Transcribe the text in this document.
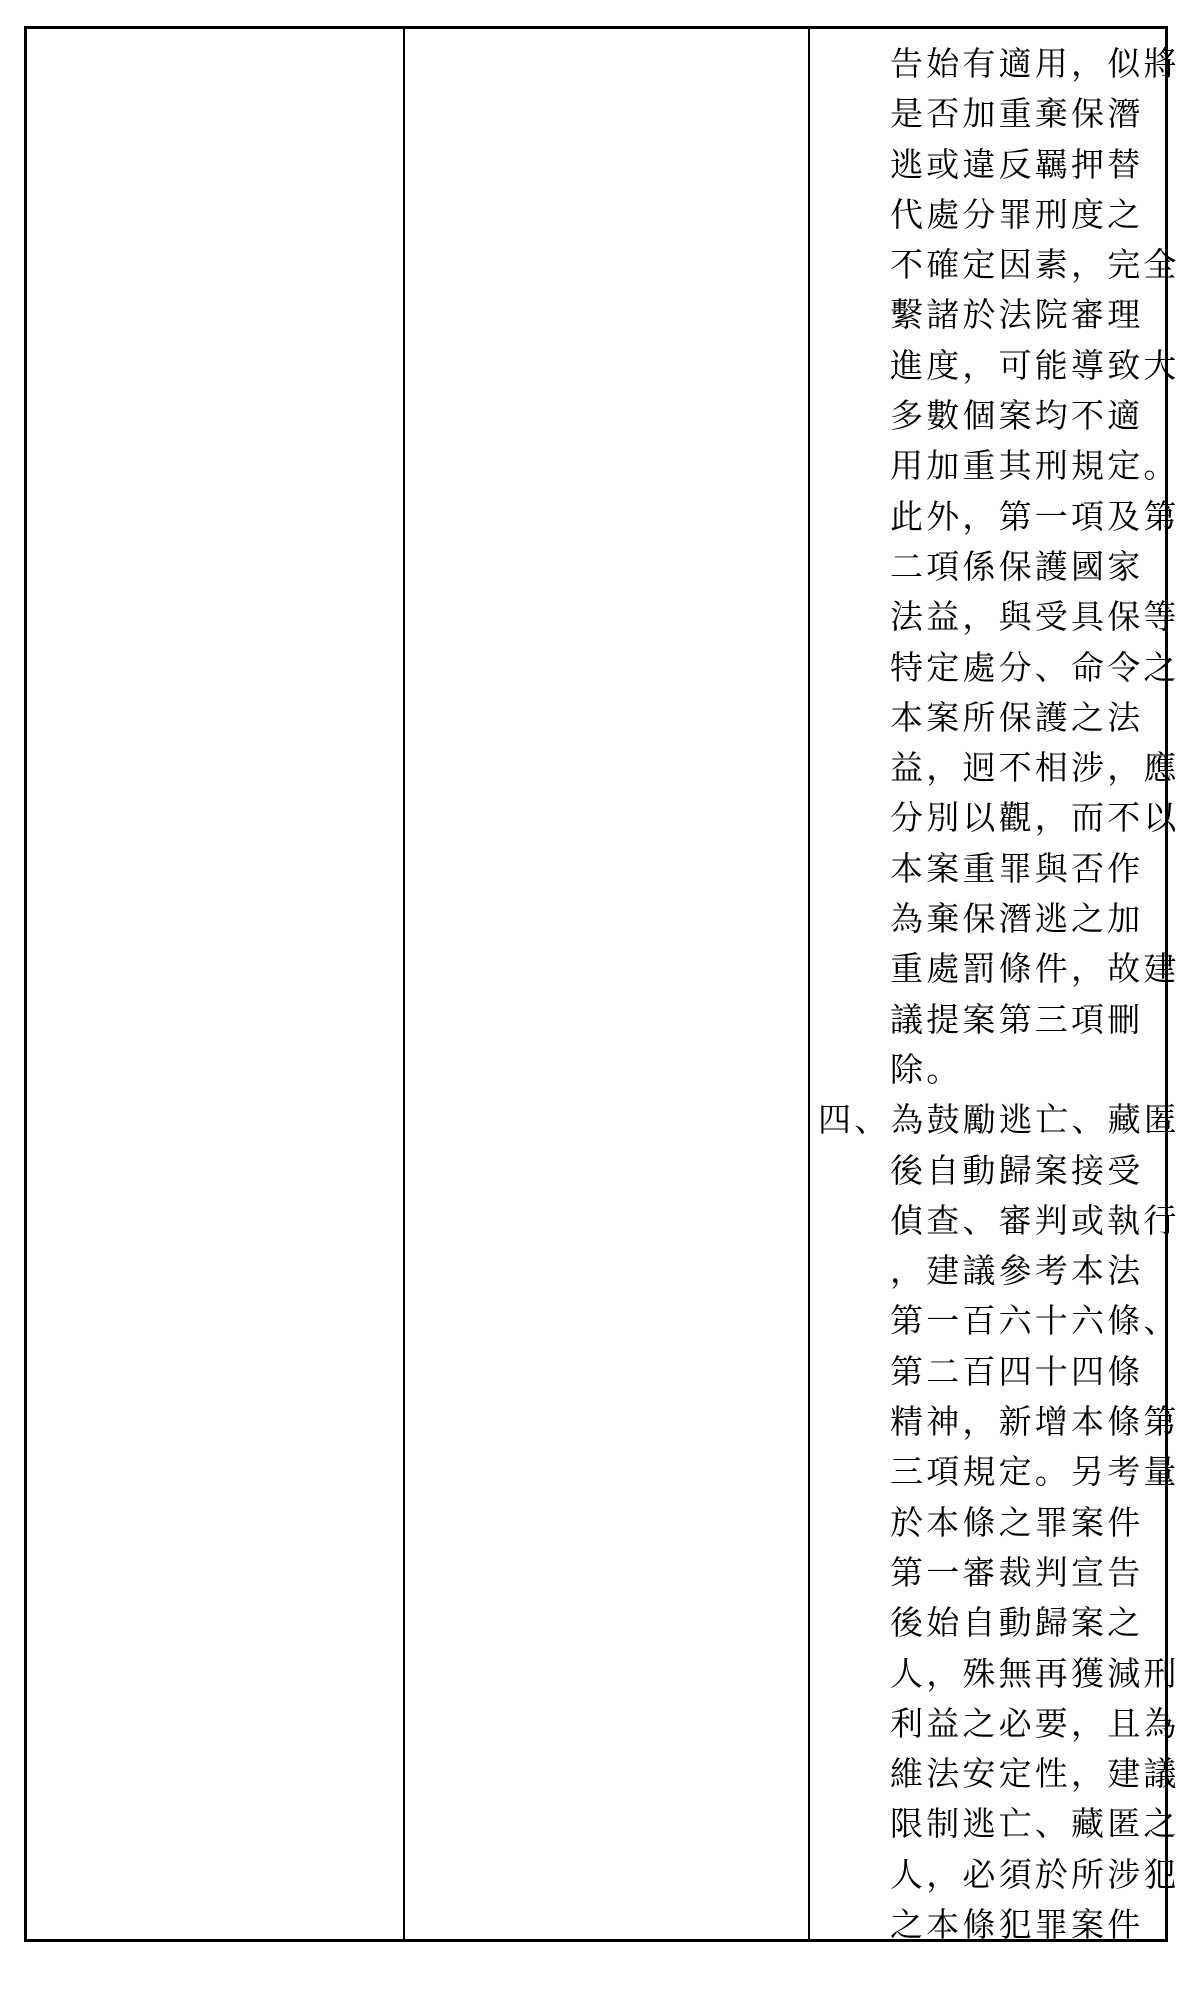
告始有適用，似將
是否加重棄保潛
逃或違反羈押替
代處分罪刑度之
不確定因素，完全
繫諸於法院審理
進度，可能導致大
多數個案均不適
用加重其刑規定。
此外，第一項及第
二項係保護國家
法益，與受具保等
特定處分、命令之
本案所保護之法
益，迥不相涉，應
分別以觀，而不以
本案重罪與否作
為棄保潛逃之加
重處罰條件，故建
議提案第三項刪
除。
四、為鼓勵逃亡、藏匿
後自動歸案接受
偵查、審判或執行
，建議參考本法
第一百六十六條、
第二百四十四條
精神，新增本條第
三項規定。另考量
於本條之罪案件
第一審裁判宣告
後始自動歸案之
人，殊無再獲減刑
利益之必要，且為
維法安定性，建議
限制逃亡、藏匿之
人，必須於所涉犯
之本條犯罪案件
